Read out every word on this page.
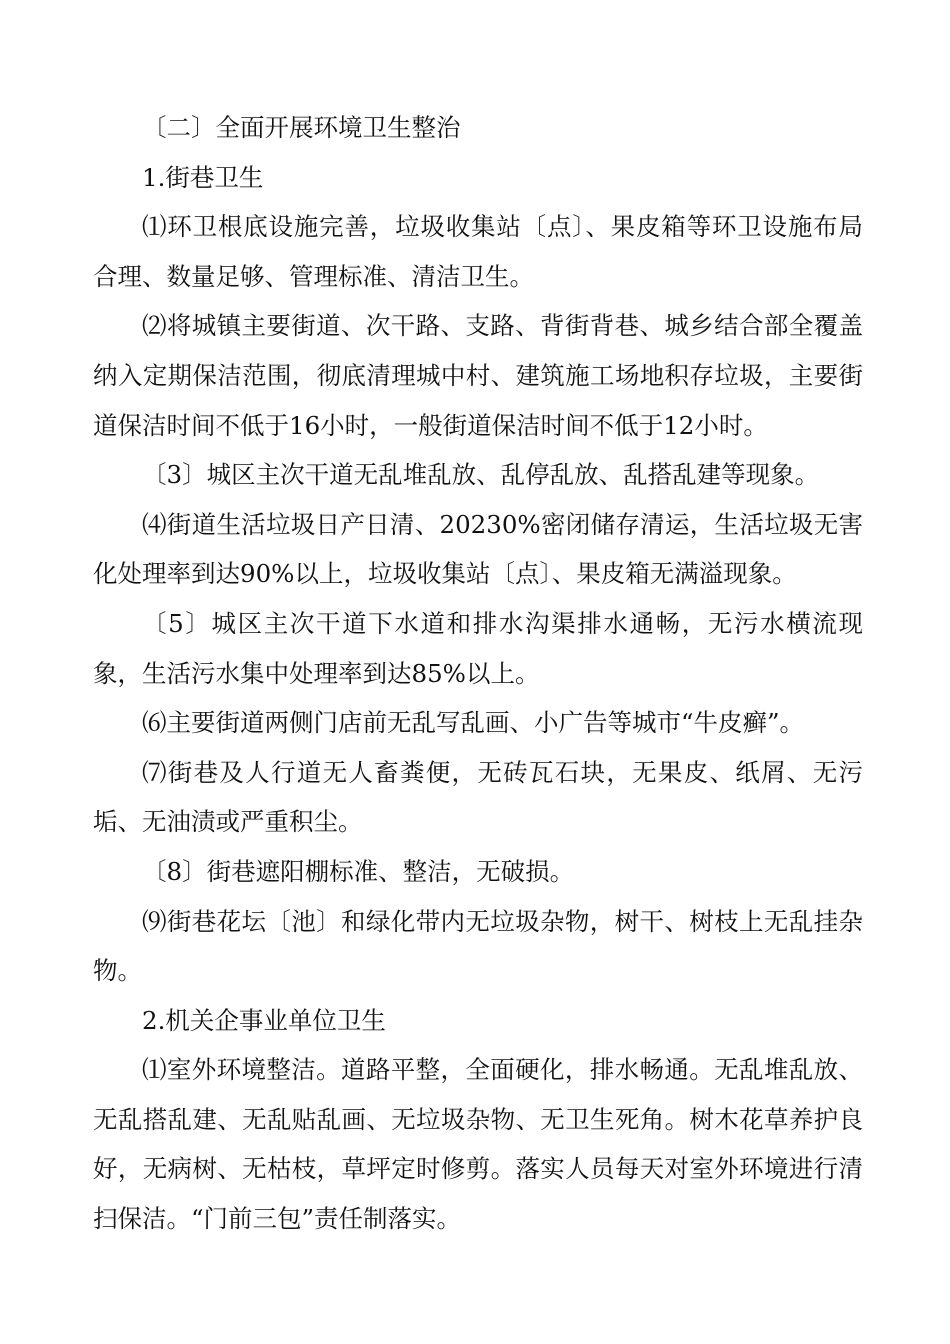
〔二〕全面开展环境卫生整治

1.街巷卫生

⑴环卫根底设施完善，垃圾收集站〔点〕、果皮箱等环卫设施布局合理、数量足够、管理标准、清洁卫生。

⑵将城镇主要街道、次干路、支路、背街背巷、城乡结合部全覆盖纳入定期保洁范围，彻底清理城中村、建筑施工场地积存垃圾，主要街道保洁时间不低于16小时，一般街道保洁时间不低于12小时。

〔3〕城区主次干道无乱堆乱放、乱停乱放、乱搭乱建等现象。

⑷街道生活垃圾日产日清、20230%密闭储存清运，生活垃圾无害化处理率到达90%以上，垃圾收集站〔点〕、果皮箱无满溢现象。

〔5〕城区主次干道下水道和排水沟渠排水通畅，无污水横流现象，生活污水集中处理率到达85%以上。

⑹主要街道两侧门店前无乱写乱画、小广告等城市“牛皮癣”。

⑺街巷及人行道无人畜粪便，无砖瓦石块，无果皮、纸屑、无污垢、无油渍或严重积尘。

〔8〕街巷遮阳棚标准、整洁，无破损。

⑼街巷花坛〔池〕和绿化带内无垃圾杂物，树干、树枝上无乱挂杂物。

2.机关企事业单位卫生

⑴室外环境整洁。道路平整，全面硬化，排水畅通。无乱堆乱放、无乱搭乱建、无乱贴乱画、无垃圾杂物、无卫生死角。树木花草养护良好，无病树、无枯枝，草坪定时修剪。落实人员每天对室外环境进行清扫保洁。“门前三包”责任制落实。
